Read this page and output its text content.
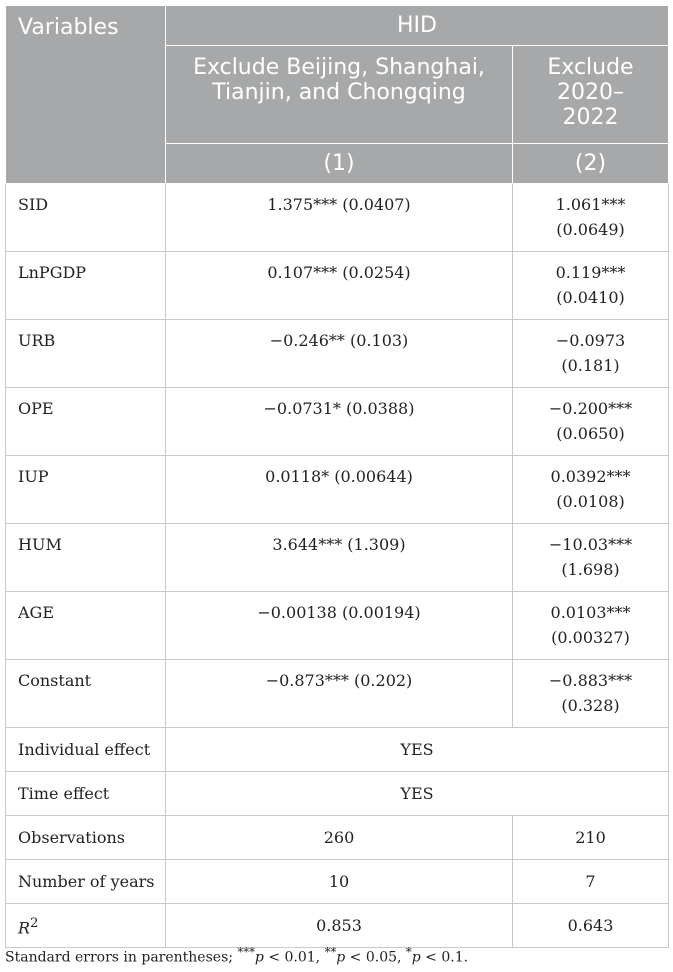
Variables	HID	
	Exclude Beijing, Shanghai, Tianjin, and Chongqing	Exclude
2020–
2022
	(1)	(2)
SID	1.375*** (0.0407)	1.061***
(0.0649)
LnPGDP	0.107*** (0.0254)	0.119***
(0.0410)
URB	−0.246** (0.103)	−0.0973
(0.181)
OPE	−0.0731* (0.0388)	−0.200***
(0.0650)
IUP	0.0118* (0.00644)	0.0392***
(0.0108)
HUM	3.644*** (1.309)	−10.03***
(1.698)
AGE	−0.00138 (0.00194)	0.0103***
(0.00327)
Constant	−0.873*** (0.202)	−0.883***
(0.328)
Individual effect	YES	
Time effect	YES	
Observations	260	210
Number of years	10	7
$R^2$	0.853	0.643
Standard errors in parentheses; ***p < 0.01, **p < 0.05, *p < 0.1.
